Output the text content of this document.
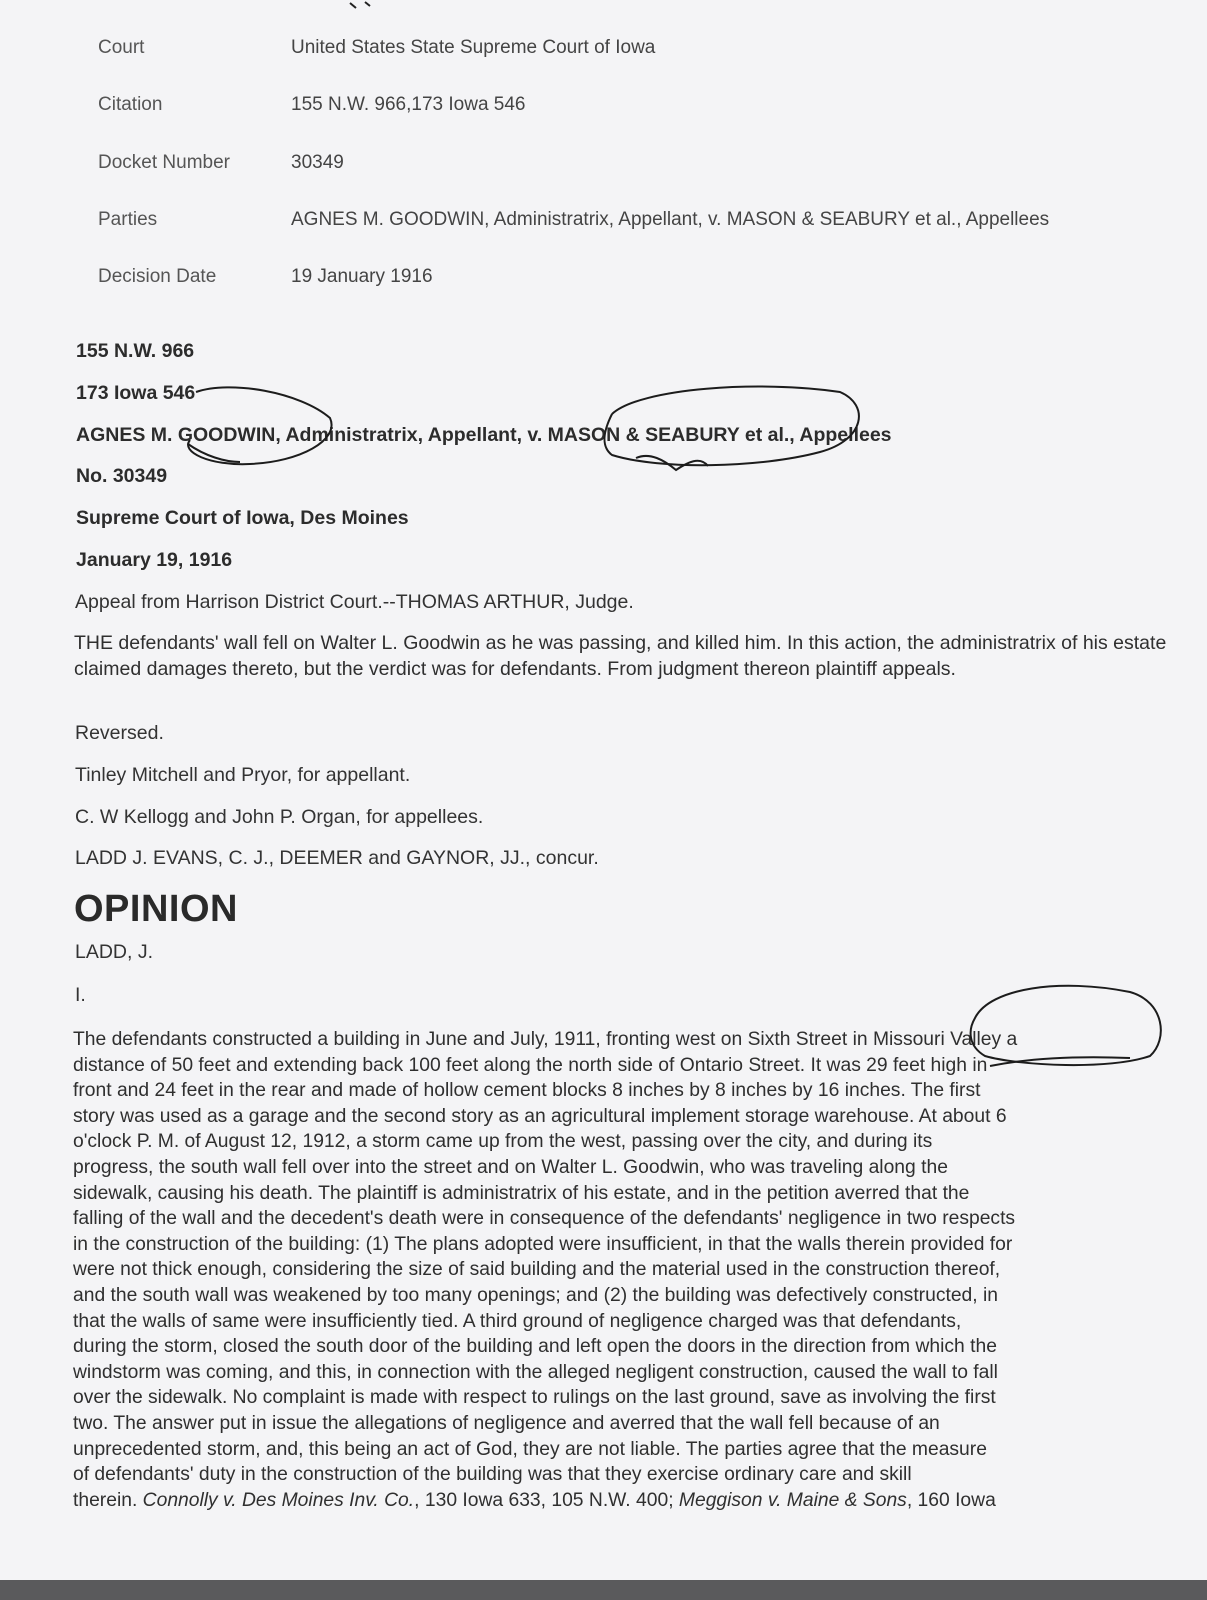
Court	United States State Supreme Court of Iowa
Citation	155 N.W. 966,173 Iowa 546
Docket Number	30349
Parties	AGNES M. GOODWIN, Administratrix, Appellant, v. MASON & SEABURY et al., Appellees
Decision Date	19 January 1916
155 N.W. 966
173 Iowa 546
AGNES M. GOODWIN, Administratrix, Appellant, v. MASON & SEABURY et al., Appellees
No. 30349
Supreme Court of Iowa, Des Moines
January 19, 1916
Appeal from Harrison District Court.--THOMAS ARTHUR, Judge.
THE defendants' wall fell on Walter L. Goodwin as he was passing, and killed him. In this action, the administratrix of his estate claimed damages thereto, but the verdict was for defendants. From judgment thereon plaintiff appeals.
Reversed.
Tinley Mitchell and Pryor, for appellant.
C. W Kellogg and John P. Organ, for appellees.
LADD J. EVANS, C. J., DEEMER and GAYNOR, JJ., concur.
OPINION
LADD, J.
I.
The defendants constructed a building in June and July, 1911, fronting west on Sixth Street in Missouri Valley a
distance of 50 feet and extending back 100 feet along the north side of Ontario Street. It was 29 feet high in
front and 24 feet in the rear and made of hollow cement blocks 8 inches by 8 inches by 16 inches. The first
story was used as a garage and the second story as an agricultural implement storage warehouse. At about 6
o'clock P. M. of August 12, 1912, a storm came up from the west, passing over the city, and during its
progress, the south wall fell over into the street and on Walter L. Goodwin, who was traveling along the
sidewalk, causing his death. The plaintiff is administratrix of his estate, and in the petition averred that the
falling of the wall and the decedent's death were in consequence of the defendants' negligence in two respects
in the construction of the building: (1) The plans adopted were insufficient, in that the walls therein provided for
were not thick enough, considering the size of said building and the material used in the construction thereof,
and the south wall was weakened by too many openings; and (2) the building was defectively constructed, in
that the walls of same were insufficiently tied. A third ground of negligence charged was that defendants,
during the storm, closed the south door of the building and left open the doors in the direction from which the
windstorm was coming, and this, in connection with the alleged negligent construction, caused the wall to fall
over the sidewalk. No complaint is made with respect to rulings on the last ground, save as involving the first
two. The answer put in issue the allegations of negligence and averred that the wall fell because of an
unprecedented storm, and, this being an act of God, they are not liable. The parties agree that the measure
of defendants' duty in the construction of the building was that they exercise ordinary care and skill
therein. Connolly v. Des Moines Inv. Co., 130 Iowa 633, 105 N.W. 400; Meggison v. Maine & Sons, 160 Iowa
